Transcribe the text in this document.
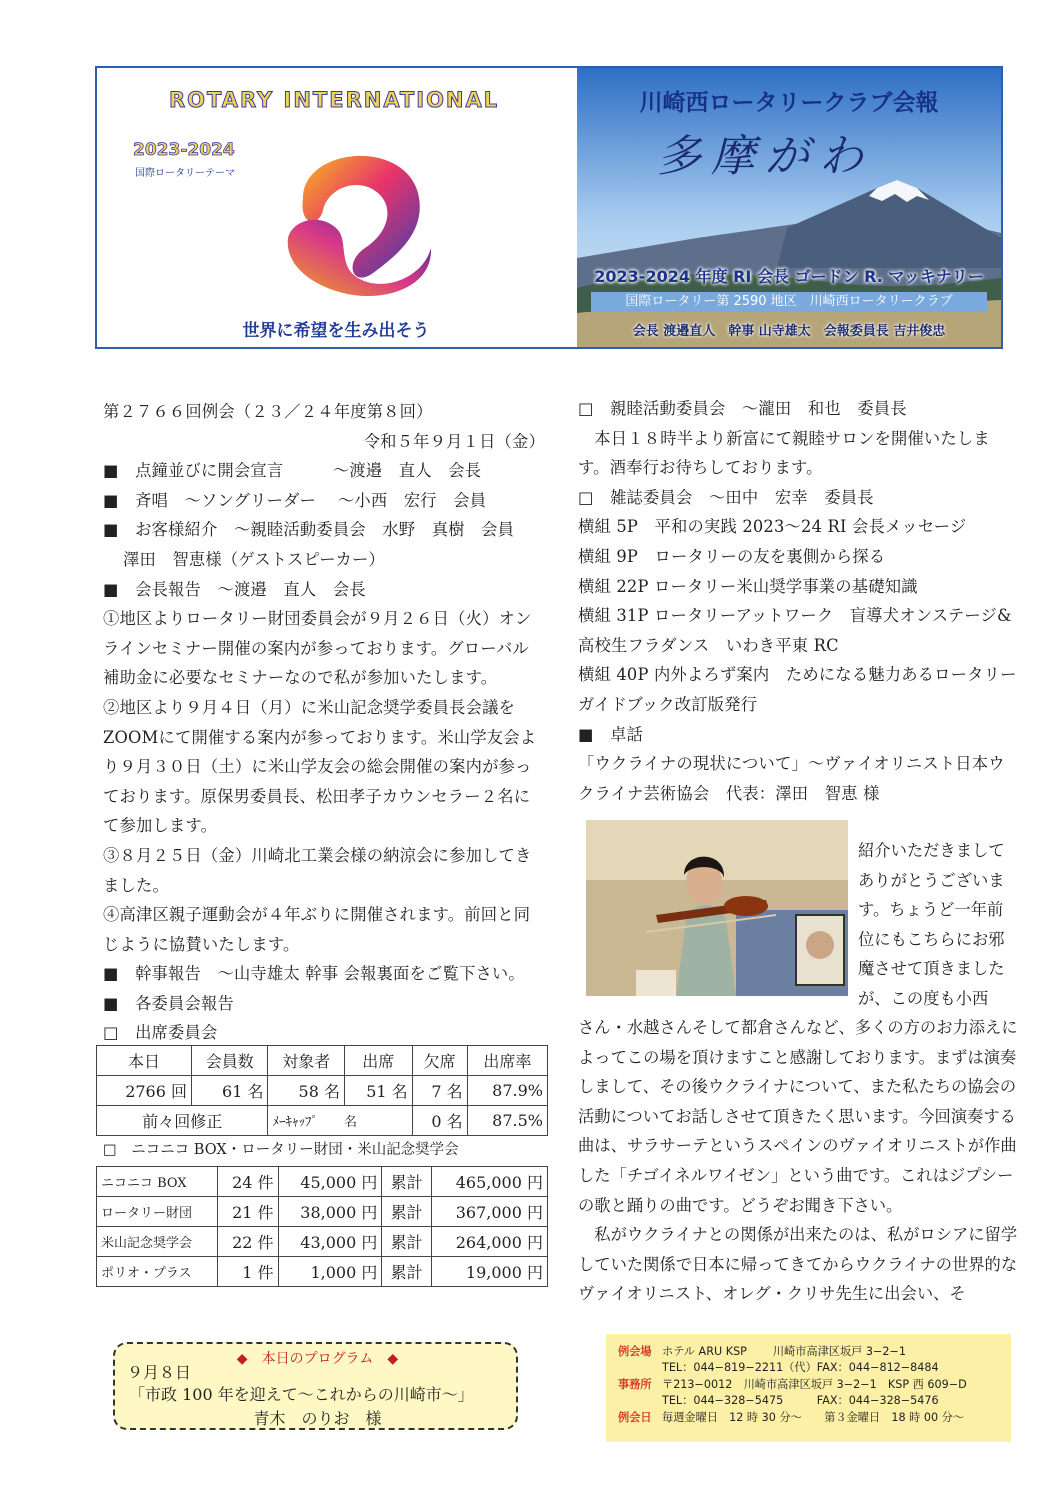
ROTARY INTERNATIONAL
2023-2024
国際ロータリーテーマ
世界に希望を生み出そう
川崎西ロータリークラブ会報
多摩がわ
2023-2024 年度 RI 会長 ゴードン R. マッキナリー
国際ロータリー第 2590 地区　川崎西ロータリークラブ
会長 渡邉直人　幹事 山寺雄太　会報委員長 吉井俊忠

第２７６６回例会（２３／２４年度第８回）

令和５年９月１日（金）

■　点鐘並びに開会宣言　　　〜渡邉　直人　会長

■　斉唱　〜ソングリーダー　 〜小西　宏行　会員

■　お客様紹介　〜親睦活動委員会　水野　真樹　会員

澤田　智恵様（ゲストスピーカー）

■　会長報告　〜渡邉　直人　会長

①地区よりロータリー財団委員会が９月２６日（火）オンラインセミナー開催の案内が参っております。グローバル補助金に必要なセミナーなので私が参加いたします。

②地区より９月４日（月）に米山記念奨学委員長会議をZOOMにて開催する案内が参っております。米山学友会より９月３０日（土）に米山学友会の総会開催の案内が参っております。原保男委員長、松田孝子カウンセラー２名にて参加します。

③８月２５日（金）川崎北工業会様の納涼会に参加してきました。

④高津区親子運動会が４年ぶりに開催されます。前回と同じように協賛いたします。

■　幹事報告　〜山寺雄太 幹事 会報裏面をご覧下さい。

■　各委員会報告

□　出席委員会

本日	会員数	対象者	出席	欠席	出席率
2766 回	61 名	58 名	51 名	7 名	87.9%
前々回修正		ﾒｰｷｬｯﾌﾟ　　名		0 名	87.5%
□　ニコニコ BOX・ロータリー財団・米山記念奨学会
ニコニコ BOX	24 件	45,000 円	累計	465,000 円
ロータリー財団	21 件	38,000 円	累計	367,000 円
米山記念奨学会	22 件	43,000 円	累計	264,000 円
ポリオ・プラス	1 件	1,000 円	累計	19,000 円

□　親睦活動委員会　〜瀧田　和也　委員長

本日１８時半より新富にて親睦サロンを開催いたします。酒奉行お待ちしております。

□　雑誌委員会　〜田中　宏幸　委員長

横組 5P　平和の実践 2023〜24 RI 会長メッセージ

横組 9P　ロータリーの友を裏側から探る

横組 22P ロータリー米山奨学事業の基礎知識

横組 31P ロータリーアットワーク　盲導犬オンステージ&高校生フラダンス　いわき平東 RC

横組 40P 内外よろず案内　ためになる魅力あるロータリーガイドブック改訂版発行

■　卓話

「ウクライナの現状について」〜ヴァイオリニスト日本ウクライナ芸術協会　代表：澤田　智恵 様

紹介いただきましてありがとうございます。ちょうど一年前位にもこちらにお邪魔させて頂きましたが、この度も小西

さん・水越さんそして都倉さんなど、多くの方のお力添えによってこの場を頂けますこと感謝しております。まずは演奏しまして、その後ウクライナについて、また私たちの協会の活動についてお話しさせて頂きたく思います。今回演奏する曲は、サラサーテというスペインのヴァイオリニストが作曲した「チゴイネルワイゼン」という曲です。これはジプシーの歌と踊りの曲です。どうぞお聞き下さい。

私がウクライナとの関係が出来たのは、私がロシアに留学していた関係で日本に帰ってきてからウクライナの世界的なヴァイオリニスト、オレグ・クリサ先生に出会い、そ

◆　本日のプログラム　◆
９月８日
「市政 100 年を迎えて〜これからの川崎市〜」
青木　のりお　様
例会場 ホテル ARU KSP　　 川崎市高津区坂戸 3−2−1
TEL：044−819−2211（代）FAX：044−812−8484
事務所 〒213−0012　川崎市高津区坂戸 3−2−1　KSP 西 609−D
TEL：044−328−5475　　　FAX：044−328−5476
例会日 毎週金曜日　12 時 30 分〜　　第３金曜日　18 時 00 分〜
